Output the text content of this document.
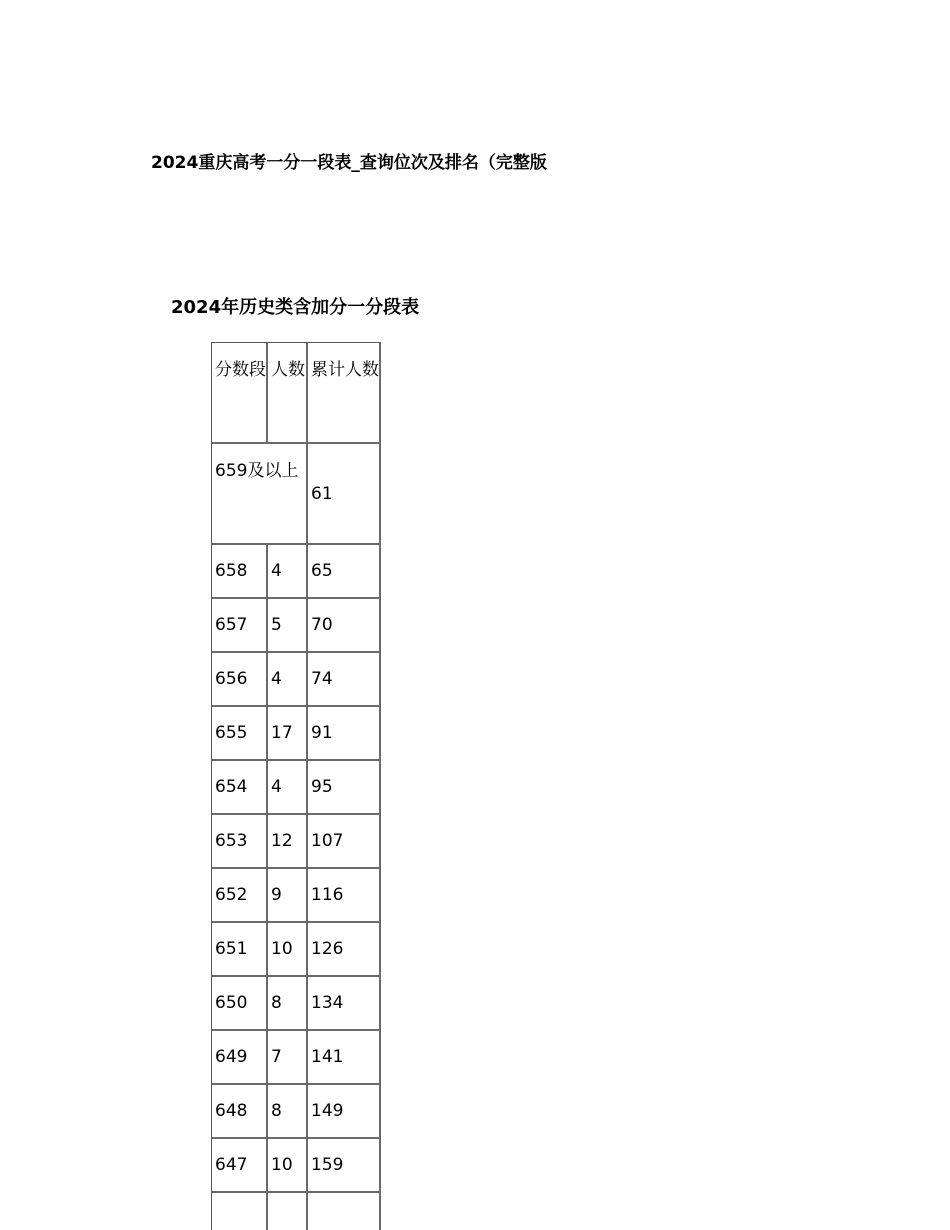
2024重庆高考一分一段表_查询位次及排名（完整版
2024年历史类含加分一分段表
分数段	人数	累计人数
659及以上		61
658	4	65
657	5	70
656	4	74
655	17	91
654	4	95
653	12	107
652	9	116
651	10	126
650	8	134
649	7	141
648	8	149
647	10	159
